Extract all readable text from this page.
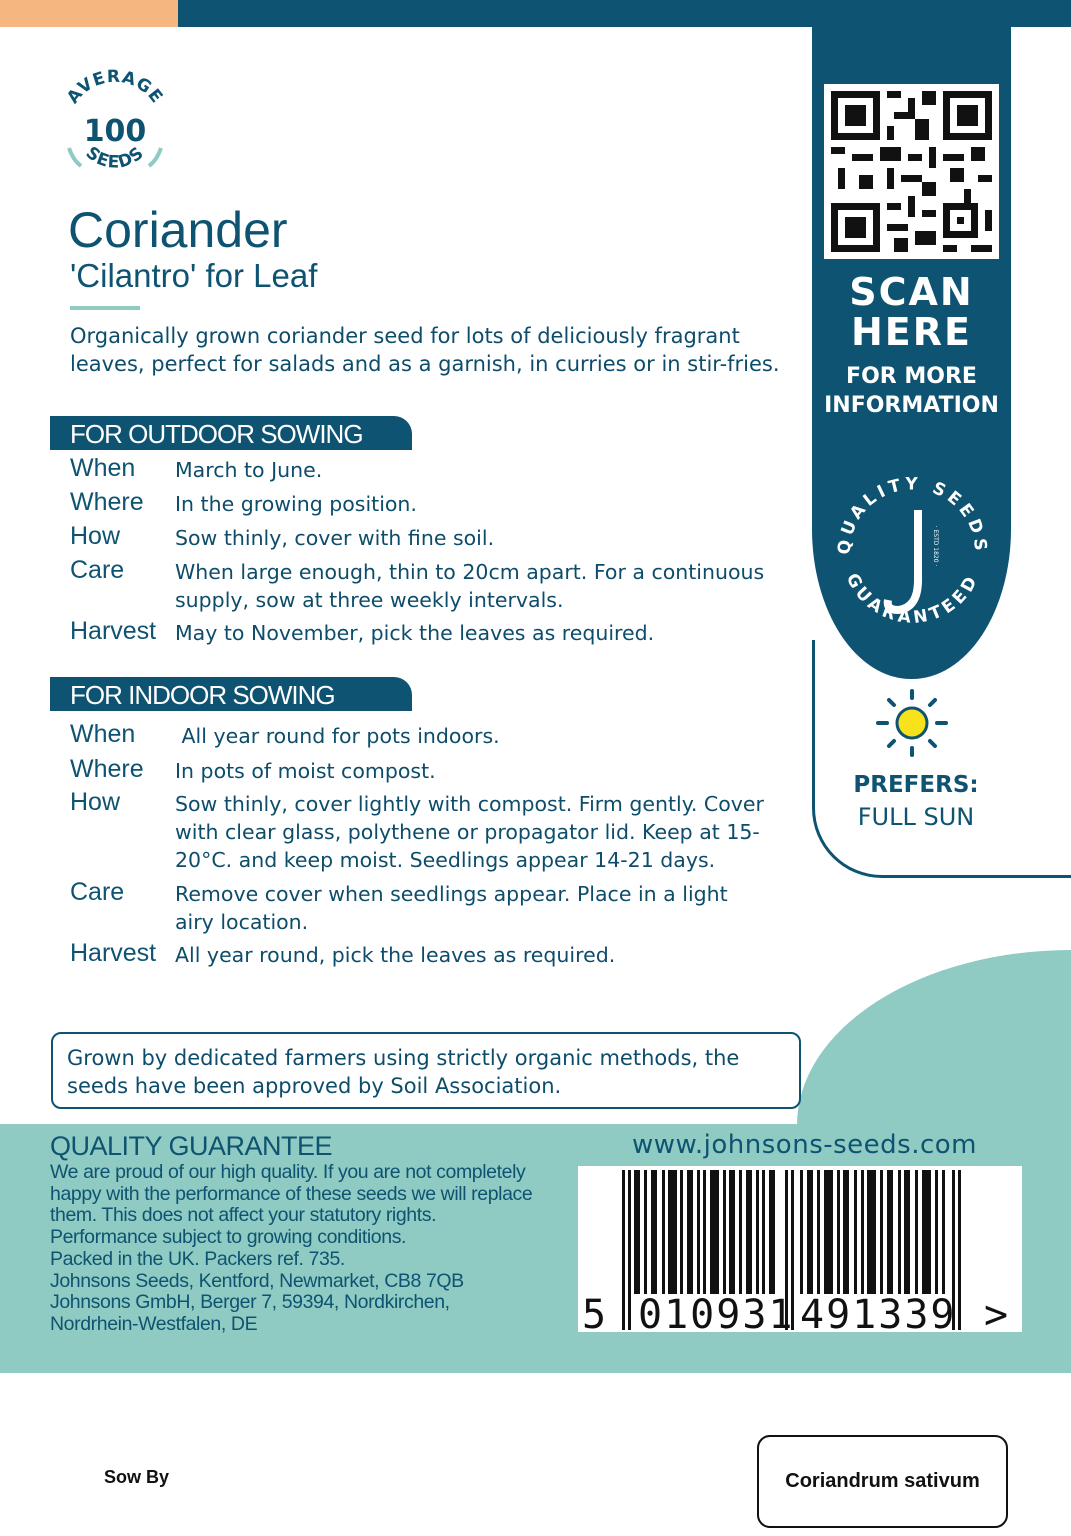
AVERAGE
100
SEEDS
Coriander
'Cilantro' for Leaf
Organically grown coriander seed for lots of deliciously fragrant leaves, perfect for salads and as a garnish, in curries or in stir-fries.
FOR OUTDOOR SOWING
When March to June.
Where In the growing position.
How	Sow thinly, cover with fine soil.
Care When large enough, thin to 20cm apart. For a continuous supply, sow at three weekly intervals.
Harvest May to November, pick the leaves as required.
FOR INDOOR SOWING
When All year round for pots indoors.
Where In pots of moist compost.
How	Sow thinly, cover lightly with compost. Firm gently. Cover with clear glass, polythene or propagator lid. Keep at 15-20°C. and keep moist. Seedlings appear 14-21 days.
Care Remove cover when seedlings appear. Place in a light airy location.
Harvest All year round, pick the leaves as required.
SCAN HERE
FOR MORE INFORMATION
QUALITY SEEDS
GUARANTEED
· ESTD 1820 ·
PREFERS:
FULL SUN
Grown by dedicated farmers using strictly organic methods, the seeds have been approved by Soil Association.
QUALITY GUARANTEE
We are proud of our high quality. If you are not completely
happy with the performance of these seeds we will replace
them. This does not affect your statutory rights.
Performance subject to growing conditions.
Packed in the UK. Packers ref. 735.
Johnsons Seeds, Kentford, Newmarket, CB8 7QB
Johnsons GmbH, Berger 7, 59394, Nordkirchen,
Nordrhein-Westfalen, DE
www.johnsons-seeds.com
5 010931 491339 >
Sow By	Coriandrum sativum
